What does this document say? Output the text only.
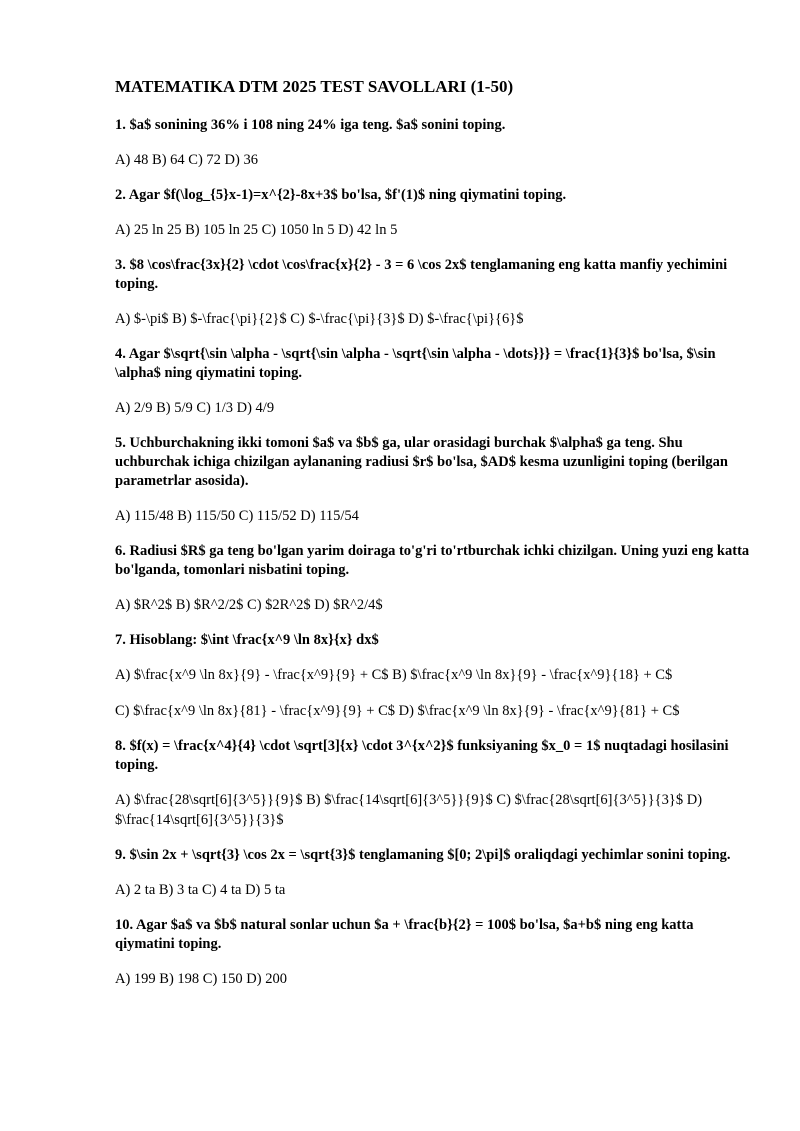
MATEMATIKA DTM 2025 TEST SAVOLLARI (1-50)
1. $a$ sonining 36% i 108 ning 24% iga teng. $a$ sonini toping.
A) 48 B) 64 C) 72 D) 36
2. Agar $f(\log_{5}x-1)=x^{2}-8x+3$ bo'lsa, $f'(1)$ ning qiymatini toping.
A) 25 ln 25 B) 105 ln 25 C) 1050 ln 5 D) 42 ln 5
3. $8 \cos\frac{3x}{2} \cdot \cos\frac{x}{2} - 3 = 6 \cos 2x$ tenglamaning eng katta manfiy yechimini toping.
A) $-\pi$ B) $-\frac{\pi}{2}$ C) $-\frac{\pi}{3}$ D) $-\frac{\pi}{6}$
4. Agar $\sqrt{\sin \alpha - \sqrt{\sin \alpha - \sqrt{\sin \alpha - \dots}}} = \frac{1}{3}$ bo'lsa, $\sin \alpha$ ning qiymatini toping.
A) 2/9 B) 5/9 C) 1/3 D) 4/9
5. Uchburchakning ikki tomoni $a$ va $b$ ga, ular orasidagi burchak $\alpha$ ga teng. Shu uchburchak ichiga chizilgan aylananing radiusi $r$ bo'lsa, $AD$ kesma uzunligini toping (berilgan parametrlar asosida).
A) 115/48 B) 115/50 C) 115/52 D) 115/54
6. Radiusi $R$ ga teng bo'lgan yarim doiraga to'g'ri to'rtburchak ichki chizilgan. Uning yuzi eng katta bo'lganda, tomonlari nisbatini toping.
A) $R^2$ B) $R^2/2$ C) $2R^2$ D) $R^2/4$
7. Hisoblang: $\int \frac{x^9 \ln 8x}{x} dx$
A) $\frac{x^9 \ln 8x}{9} - \frac{x^9}{9} + C$ B) $\frac{x^9 \ln 8x}{9} - \frac{x^9}{18} + C$
C) $\frac{x^9 \ln 8x}{81} - \frac{x^9}{9} + C$ D) $\frac{x^9 \ln 8x}{9} - \frac{x^9}{81} + C$
8. $f(x) = \frac{x^4}{4} \cdot \sqrt[3]{x} \cdot 3^{x^2}$ funksiyaning $x_0 = 1$ nuqtadagi hosilasini toping.
A) $\frac{28\sqrt[6]{3^5}}{9}$ B) $\frac{14\sqrt[6]{3^5}}{9}$ C) $\frac{28\sqrt[6]{3^5}}{3}$ D) $\frac{14\sqrt[6]{3^5}}{3}$
9. $\sin 2x + \sqrt{3} \cos 2x = \sqrt{3}$ tenglamaning $[0; 2\pi]$ oraliqdagi yechimlar sonini toping.
A) 2 ta B) 3 ta C) 4 ta D) 5 ta
10. Agar $a$ va $b$ natural sonlar uchun $a + \frac{b}{2} = 100$ bo'lsa, $a+b$ ning eng katta qiymatini toping.
A) 199 B) 198 C) 150 D) 200
